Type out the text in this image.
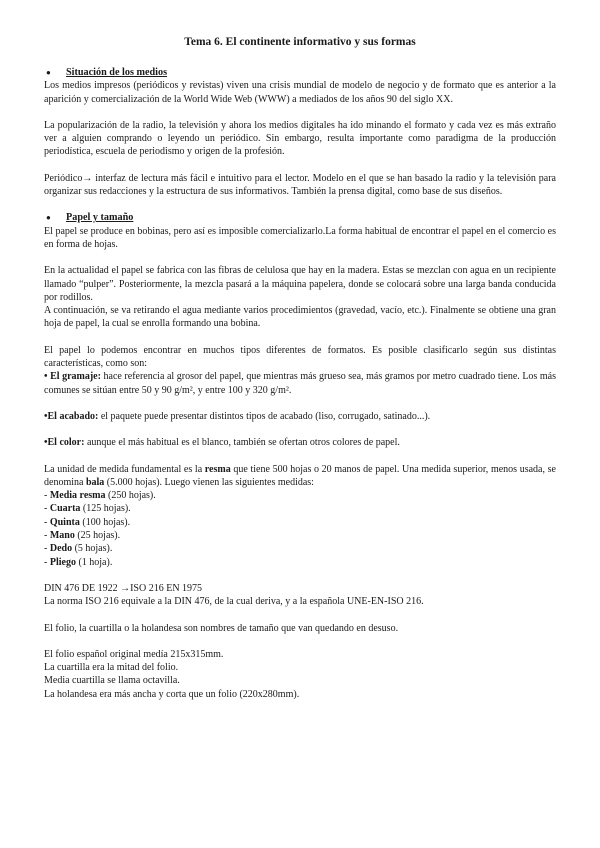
Tema 6. El continente informativo y sus formas
● Situación de los medios

Los medios impresos (periódicos y revistas) viven una crisis mundial de modelo de negocio y de formato que es anterior a la aparición y comercialización de la World Wide Web (WWW) a mediados de los años 90 del siglo XX.

La popularización de la radio, la televisión y ahora los medios digitales ha ido minando el formato y cada vez es más extraño ver a alguien comprando o leyendo un periódico. Sin embargo, resulta importante como paradigma de la producción periodística, escuela de periodismo y origen de la profesión.

Periódico→ interfaz de lectura más fácil e intuitivo para el lector. Modelo en el que se han basado la radio y la televisión para organizar sus redacciones y la estructura de sus informativos. También la prensa digital, como base de sus diseños.

● Papel y tamaño

El papel se produce en bobinas, pero así es imposible comercializarlo.La forma habitual de encontrar el papel en el comercio es en forma de hojas.

En la actualidad el papel se fabrica con las fibras de celulosa que hay en la madera. Estas se mezclan con agua en un recipiente llamado “pulper”. Posteriormente, la mezcla pasará a la máquina papelera, donde se colocará sobre una larga banda conducida por rodillos.

A continuación, se va retirando el agua mediante varios procedimientos (gravedad, vacío, etc.). Finalmente se obtiene una gran hoja de papel, la cual se enrolla formando una bobina.

El papel lo podemos encontrar en muchos tipos diferentes de formatos. Es posible clasificarlo según sus distintas características, como son:

• El gramaje: hace referencia al grosor del papel, que mientras más grueso sea, más gramos por metro cuadrado tiene. Los más comunes se sitúan entre 50 y 90 g/m², y entre 100 y 320 g/m².

•El acabado: el paquete puede presentar distintos tipos de acabado (liso, corrugado, satinado...).

•El color: aunque el más habitual es el blanco, también se ofertan otros colores de papel.

La unidad de medida fundamental es la resma que tiene 500 hojas o 20 manos de papel. Una medida superior, menos usada, se denomina bala (5.000 hojas). Luego vienen las siguientes medidas:

- Media resma (250 hojas).
- Cuarta (125 hojas).
- Quinta (100 hojas).
- Mano (25 hojas).
- Dedo (5 hojas).
- Pliego (1 hoja).

DIN 476 DE 1922 →ISO 216 EN 1975

La norma ISO 216 equivale a la DIN 476, de la cual deriva, y a la española UNE-EN-ISO 216.

El folio, la cuartilla o la holandesa son nombres de tamaño que van quedando en desuso.

El folio español original medía 215x315mm.

La cuartilla era la mitad del folio.

Media cuartilla se llama octavilla.

La holandesa era más ancha y corta que un folio (220x280mm).
